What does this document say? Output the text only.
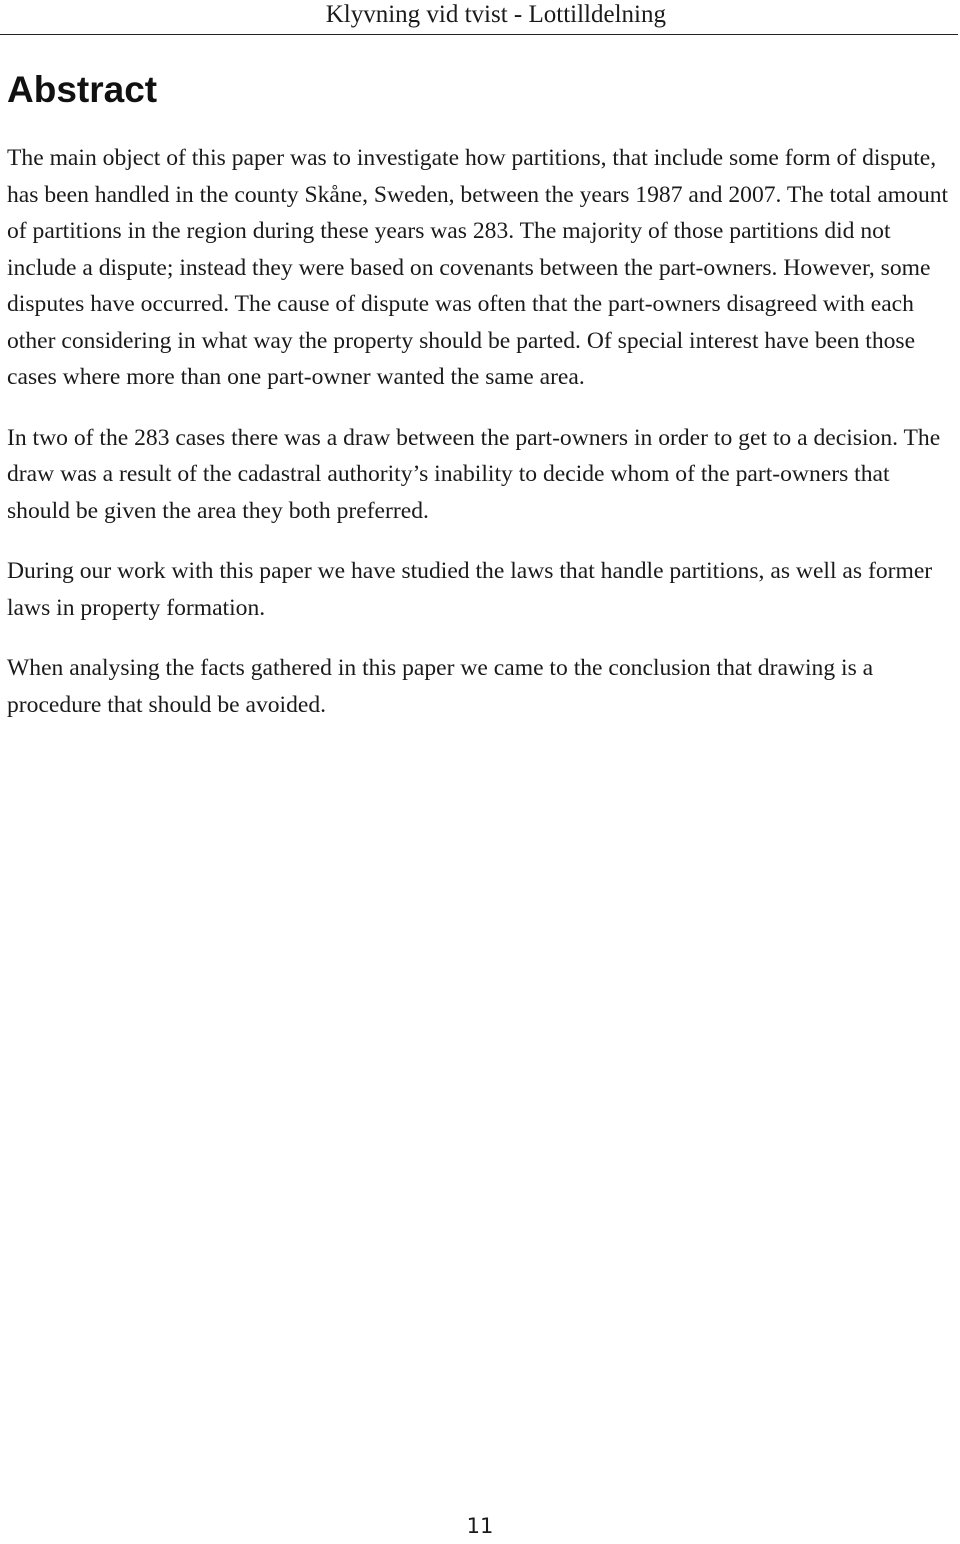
Klyvning vid tvist - Lottilldelning
Abstract

The main object of this paper was to investigate how partitions, that include some form of dispute, has been handled in the county Skåne, Sweden, between the years 1987 and 2007. The total amount of partitions in the region during these years was 283. The majority of those partitions did not include a dispute; instead they were based on covenants between the part-owners. However, some disputes have occurred. The cause of dispute was often that the part-owners disagreed with each other considering in what way the property should be parted. Of special interest have been those cases where more than one part-owner wanted the same area.

In two of the 283 cases there was a draw between the part-owners in order to get to a decision. The draw was a result of the cadastral authority’s inability to decide whom of the part-owners that should be given the area they both preferred.

During our work with this paper we have studied the laws that handle partitions, as well as former laws in property formation.

When analysing the facts gathered in this paper we came to the conclusion that drawing is a procedure that should be avoided.

11
